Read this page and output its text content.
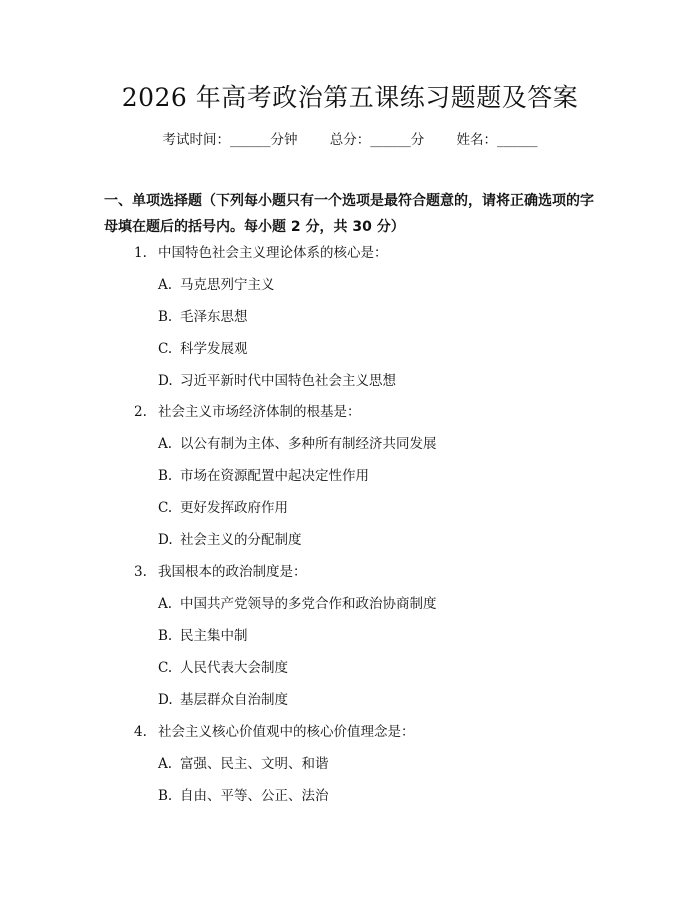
2026 年高考政治第五课练习题题及答案
考试时间：______分钟 总分：______分 姓名：______
一、单项选择题（下列每小题只有一个选项是最符合题意的，请将正确选项的字母填在题后的括号内。每小题 2 分，共 30 分）
1. 中国特色社会主义理论体系的核心是：
A. 马克思列宁主义
B. 毛泽东思想
C. 科学发展观
D. 习近平新时代中国特色社会主义思想
2. 社会主义市场经济体制的根基是：
A. 以公有制为主体、多种所有制经济共同发展
B. 市场在资源配置中起决定性作用
C. 更好发挥政府作用
D. 社会主义的分配制度
3. 我国根本的政治制度是：
A. 中国共产党领导的多党合作和政治协商制度
B. 民主集中制
C. 人民代表大会制度
D. 基层群众自治制度
4. 社会主义核心价值观中的核心价值理念是：
A. 富强、民主、文明、和谐
B. 自由、平等、公正、法治
